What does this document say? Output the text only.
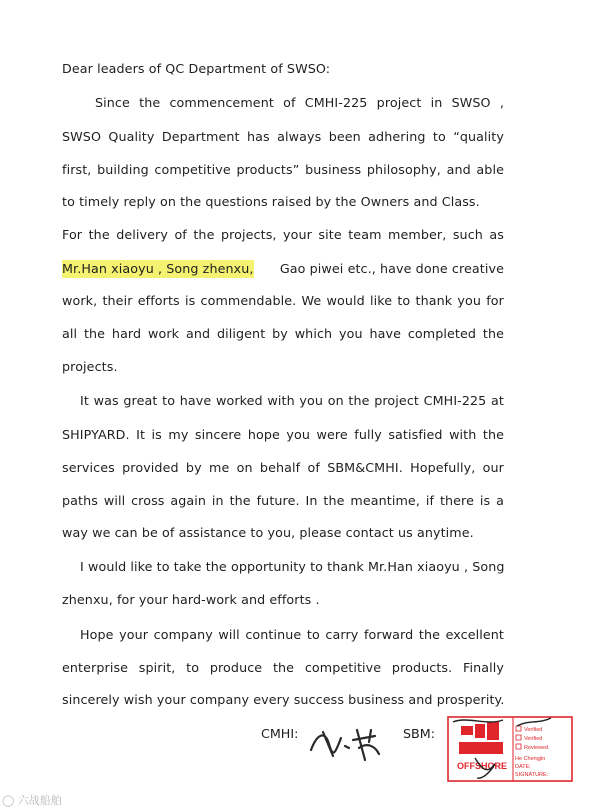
Dear leaders of QC Department of SWSO:
Since the commencement of CMHI-225 project in SWSO ,
SWSO Quality Department has always been adhering to “quality
first, building competitive products” business philosophy, and able
to timely reply on the questions raised by the Owners and Class.
For the delivery of the projects, your site team member, such as
Mr.Han xiaoyu , Song zhenxu, Gao piwei etc., have done creative
work, their efforts is commendable. We would like to thank you for
all the hard work and diligent by which you have completed the
projects.
It was great to have worked with you on the project CMHI-225 at
SHIPYARD. It is my sincere hope you were fully satisfied with the
services provided by me on behalf of SBM&CMHI. Hopefully, our
paths will cross again in the future. In the meantime, if there is a
way we can be of assistance to you, please contact us anytime.
I would like to take the opportunity to thank Mr.Han xiaoyu , Song
zhenxu, for your hard-work and efforts .
Hope your company will continue to carry forward the excellent
enterprise spirit, to produce the competitive products. Finally
sincerely wish your company every success business and prosperity.
CMHI:	SBM:
OFFSHORE
Verified
Verified
Reviewed
He Chengjin
DATE:
SIGNATURE:
◯ 六战船舶
